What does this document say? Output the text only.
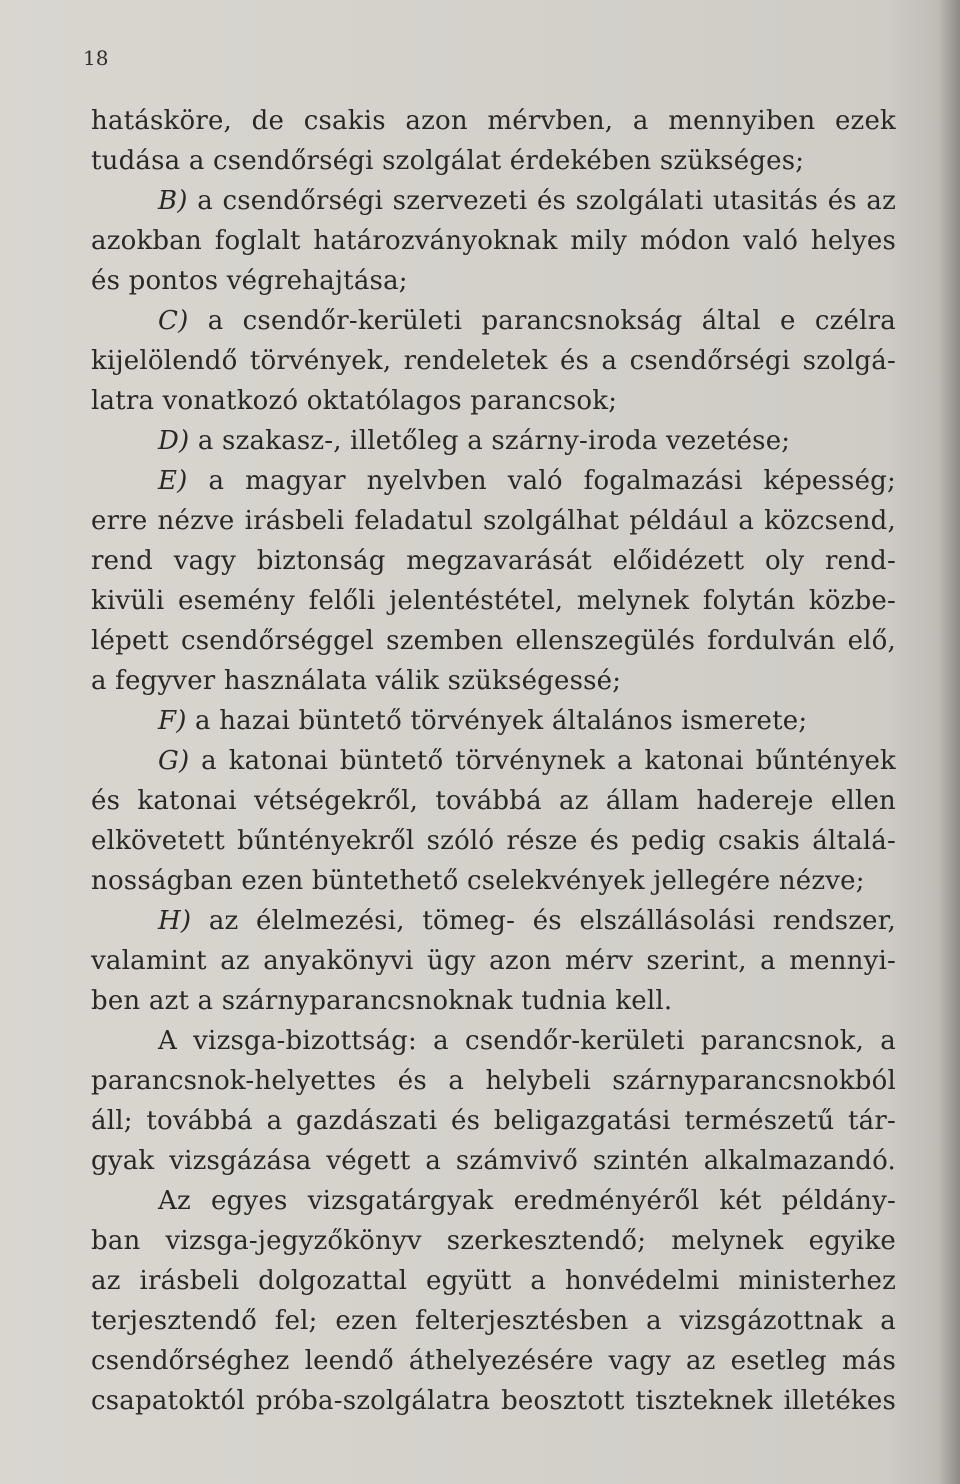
18
hatásköre, de csakis azon mérvben, a mennyiben ezek
tudása a csendőrségi szolgálat érdekében szükséges;
B) a csendőrségi szervezeti és szolgálati utasitás és az
azokban foglalt határozványoknak mily módon való helyes
és pontos végrehajtása;
C) a csendőr-kerületi parancsnokság által e czélra
kijelölendő törvények, rendeletek és a csendőrségi szolgá-
latra vonatkozó oktatólagos parancsok;
D) a szakasz-, illetőleg a szárny-iroda vezetése;
E) a magyar nyelvben való fogalmazási képesség;
erre nézve irásbeli feladatul szolgálhat például a közcsend,
rend vagy biztonság megzavarását előidézett oly rend-
kivüli esemény felőli jelentéstétel, melynek folytán közbe-
lépett csendőrséggel szemben ellenszegülés fordulván elő,
a fegyver használata válik szükségessé;
F) a hazai büntető törvények általános ismerete;
G) a katonai büntető törvénynek a katonai bűntények
és katonai vétségekről, továbbá az állam hadereje ellen
elkövetett bűntényekről szóló része és pedig csakis általá-
nosságban ezen büntethető cselekvények jellegére nézve;
H) az élelmezési, tömeg- és elszállásolási rendszer,
valamint az anyakönyvi ügy azon mérv szerint, a mennyi-
ben azt a szárnyparancsnoknak tudnia kell.
A vizsga-bizottság: a csendőr-kerületi parancsnok, a
parancsnok-helyettes és a helybeli szárnyparancsnokból
áll; továbbá a gazdászati és beligazgatási természetű tár-
gyak vizsgázása végett a számvivő szintén alkalmazandó.
Az egyes vizsgatárgyak eredményéről két példány-
ban vizsga-jegyzőkönyv szerkesztendő; melynek egyike
az irásbeli dolgozattal együtt a honvédelmi ministerhez
terjesztendő fel; ezen felterjesztésben a vizsgázottnak a
csendőrséghez leendő áthelyezésére vagy az esetleg más
csapatoktól próba-szolgálatra beosztott tiszteknek illetékes
